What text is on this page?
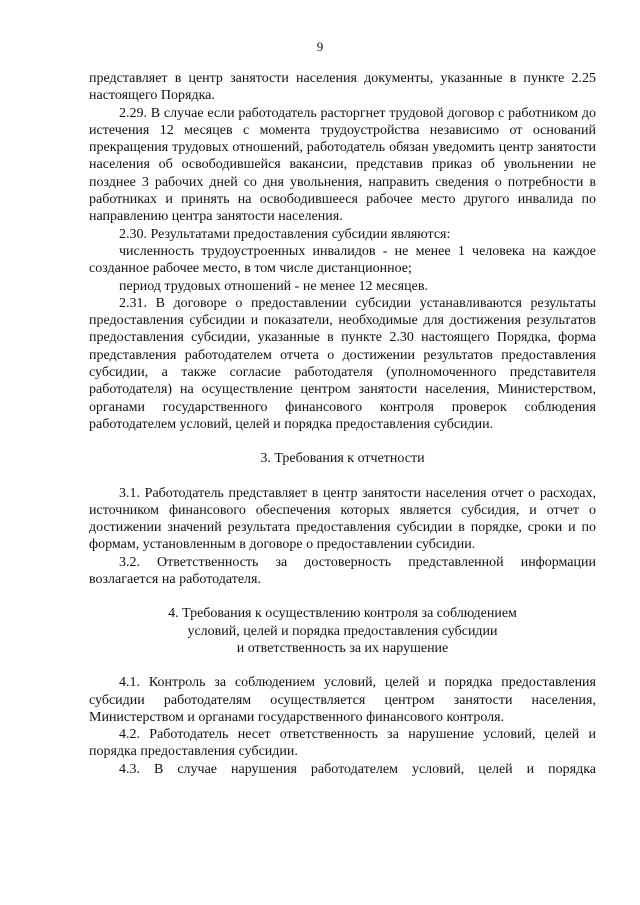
9

представляет в центр занятости населения документы, указанные в пункте 2.25 настоящего Порядка.

2.29. В случае если работодатель расторгнет трудовой договор с работником до истечения 12 месяцев с момента трудоустройства независимо от оснований прекращения трудовых отношений, работодатель обязан уведомить центр занятости населения об освободившейся вакансии, представив приказ об увольнении не позднее 3 рабочих дней со дня увольнения, направить сведения о потребности в работниках и принять на освободившееся рабочее место другого инвалида по направлению центра занятости населения.

2.30. Результатами предоставления субсидии являются:

численность трудоустроенных инвалидов - не менее 1 человека на каждое созданное рабочее место, в том числе дистанционное;

период трудовых отношений - не менее 12 месяцев.

2.31. В договоре о предоставлении субсидии устанавливаются результаты предоставления субсидии и показатели, необходимые для достижения результатов предоставления субсидии, указанные в пункте 2.30 настоящего Порядка, форма представления работодателем отчета о достижении результатов предоставления субсидии, а также согласие работодателя (уполномоченного представителя работодателя) на осуществление центром занятости населения, Министерством, органами государственного финансового контроля проверок соблюдения работодателем условий, целей и порядка предоставления субсидии.

3. Требования к отчетности

3.1. Работодатель представляет в центр занятости населения отчет о расходах, источником финансового обеспечения которых является субсидия, и отчет о достижении значений результата предоставления субсидии в порядке, сроки и по формам, установленным в договоре о предоставлении субсидии.

3.2. Ответственность за достоверность представленной информации возлагается на работодателя.

4. Требования к осуществлению контроля за соблюдением

условий, целей и порядка предоставления субсидии

и ответственность за их нарушение

4.1. Контроль за соблюдением условий, целей и порядка предоставления субсидии работодателям осуществляется центром занятости населения, Министерством и органами государственного финансового контроля.

4.2. Работодатель несет ответственность за нарушение условий, целей и порядка предоставления субсидии.

4.3. В случае нарушения работодателем условий, целей и порядка
